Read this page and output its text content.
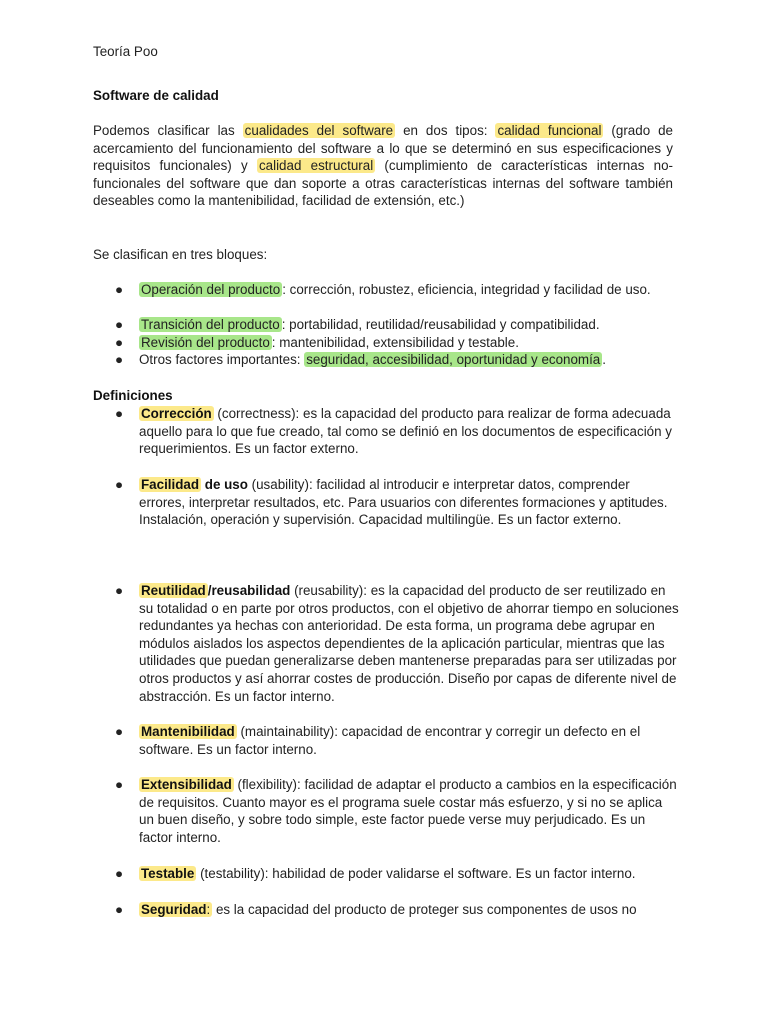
Teoría Poo
Software de calidad
Podemos clasificar las cualidades del software en dos tipos: calidad funcional (grado de acercamiento del funcionamiento del software a lo que se determinó en sus especificaciones y requisitos funcionales) y calidad estructural (cumplimiento de características internas no-funcionales del software que dan soporte a otras características internas del software también deseables como la mantenibilidad, facilidad de extensión, etc.)
Se clasifican en tres bloques:
● Operación del producto : corrección, robustez, eficiencia, integridad y facilidad de uso.
● Transición del producto : portabilidad, reutilidad/reusabilidad y compatibilidad.
● Revisión del producto : mantenibilidad, extensibilidad y testable.
● Otros factores importantes: seguridad, accesibilidad, oportunidad y economía .
Definiciones
● Corrección (correctness): es la capacidad del producto para realizar de forma adecuada aquello para lo que fue creado, tal como se definió en los documentos de especificación y requerimientos. Es un factor externo.
● Facilidad de uso (usability): facilidad al introducir e interpretar datos, comprender errores, interpretar resultados, etc. Para usuarios con diferentes formaciones y aptitudes. Instalación, operación y supervisión. Capacidad multilingüe. Es un factor externo.
● Reutilidad /reusabilidad (reusability): es la capacidad del producto de ser reutilizado en su totalidad o en parte por otros productos, con el objetivo de ahorrar tiempo en soluciones redundantes ya hechas con anterioridad. De esta forma, un programa debe agrupar en módulos aislados los aspectos dependientes de la aplicación particular, mientras que las utilidades que puedan generalizarse deben mantenerse preparadas para ser utilizadas por otros productos y así ahorrar costes de producción. Diseño por capas de diferente nivel de abstracción. Es un factor interno.
● Mantenibilidad (maintainability): capacidad de encontrar y corregir un defecto en el software. Es un factor interno.
● Extensibilidad (flexibility): facilidad de adaptar el producto a cambios en la especificación de requisitos. Cuanto mayor es el programa suele costar más esfuerzo, y si no se aplica un buen diseño, y sobre todo simple, este factor puede verse muy perjudicado. Es un factor interno.
● Testable (testability): habilidad de poder validarse el software. Es un factor interno.
● Seguridad: es la capacidad del producto de proteger sus componentes de usos no
